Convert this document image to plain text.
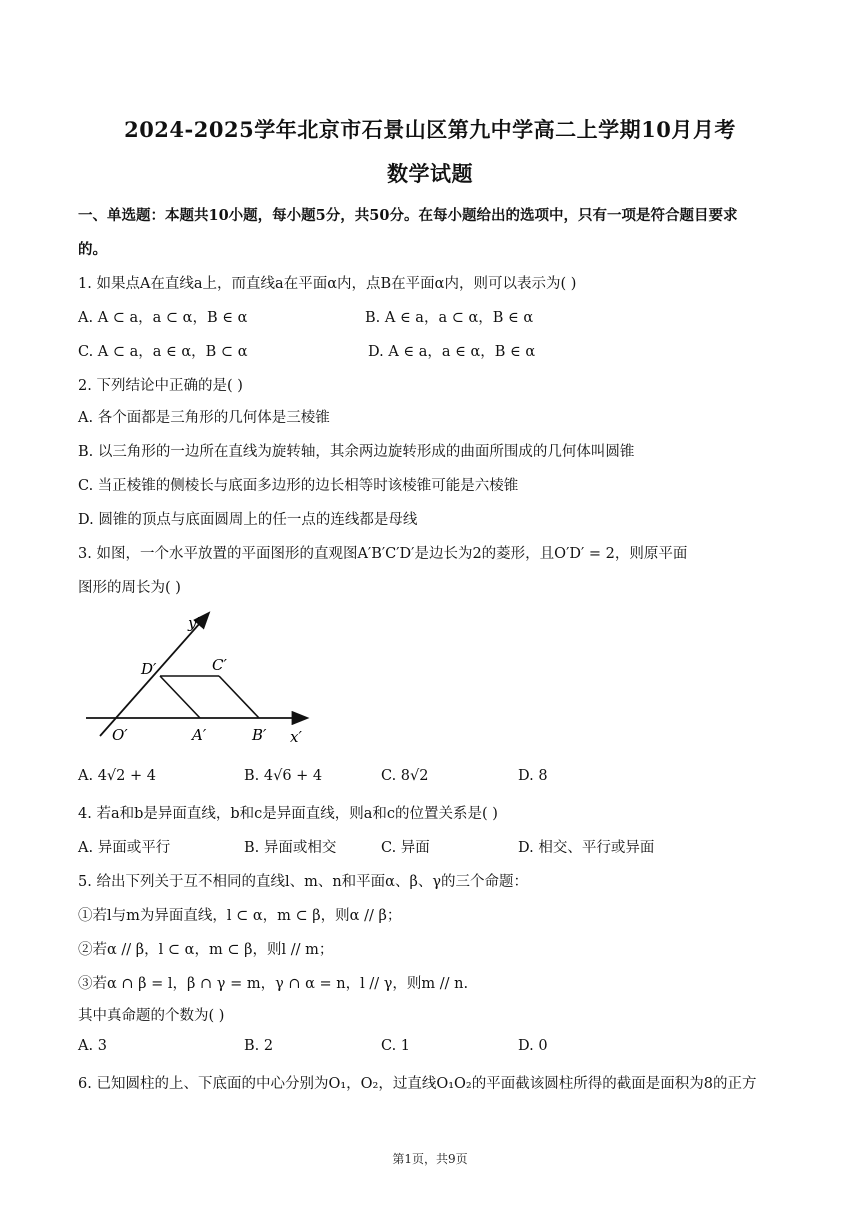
2024-2025学年北京市石景山区第九中学高二上学期10月月考
数学试题
一、单选题：本题共10小题，每小题5分，共50分。在每小题给出的选项中，只有一项是符合题目要求
的。
1. 如果点A在直线a上，而直线a在平面α内，点B在平面α内，则可以表示为( )
A. A ⊂ a，a ⊂ α，B ∈ α	B. A ∈ a，a ⊂ α，B ∈ α
C. A ⊂ a，a ∈ α，B ⊂ α	D. A ∈ a，a ∈ α，B ∈ α
2. 下列结论中正确的是( )
A. 各个面都是三角形的几何体是三棱锥
B. 以三角形的一边所在直线为旋转轴，其余两边旋转形成的曲面所围成的几何体叫圆锥
C. 当正棱锥的侧棱长与底面多边形的边长相等时该棱锥可能是六棱锥
D. 圆锥的顶点与底面圆周上的任一点的连线都是母线
3. 如图，一个水平放置的平面图形的直观图A′B′C′D′是边长为2的菱形，且O′D′ = 2，则原平面
图形的周长为( )
y′
D′	C′
O′	A′	B′ x′
A. 4√2 + 4	B. 4√6 + 4	C. 8√2	D. 8
4. 若a和b是异面直线，b和c是异面直线，则a和c的位置关系是( )
A. 异面或平行	B. 异面或相交	C. 异面	D. 相交、平行或异面
5. 给出下列关于互不相同的直线l、m、n和平面α、β、γ的三个命题：
①若l与m为异面直线，l ⊂ α，m ⊂ β，则α // β；
②若α // β，l ⊂ α，m ⊂ β，则l // m；
③若α ∩ β = l，β ∩ γ = m，γ ∩ α = n，l // γ，则m // n.
其中真命题的个数为( )
A. 3	B. 2	C. 1	D. 0
6. 已知圆柱的上、下底面的中心分别为O₁，O₂，过直线O₁O₂的平面截该圆柱所得的截面是面积为8的正方
第1页，共9页
